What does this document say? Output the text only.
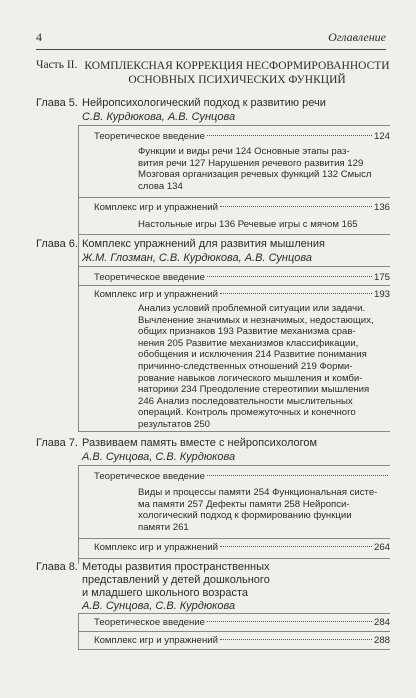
4	Оглавление
Часть II. КОМПЛЕКСНАЯ КОРРЕКЦИЯ НЕСФОРМИРОВАННОСТИ ОСНОВНЫХ ПСИХИЧЕСКИХ ФУНКЦИЙ
Глава 5. Нейропсихологический подход к развитию речи
С.В. Курдюкова, А.В. Сунцова
Теоретическое введение	124
Функции и виды речи 124 Основные этапы раз-
вития речи 127 Нарушения речевого развития 129
Мозговая организация речевых функций 132 Смысл
слова 134
Комплекс игр и упражнений	136
Настольные игры 136 Речевые игры с мячом 165
Глава 6. Комплекс упражнений для развития мышления
Ж.М. Глозман, С.В. Курдюкова, А.В. Сунцова
Теоретическое введение	175
Комплекс игр и упражнений	193
Анализ условий проблемной ситуации или задачи.
Вычленение значимых и незначимых, недостающих,
общих признаков 193 Развитие механизма срав-
нения 205 Развитие механизмов классификации,
обобщения и исключения 214 Развитие понимания
причинно-следственных отношений 219 Форми-
рование навыков логического мышления и комби-
наторики 234 Преодоление стереотипии мышления
246 Анализ последовательности мыслительных
операций. Контроль промежуточных и конечного
результатов 250
Глава 7. Развиваем память вместе с нейропсихологом
А.В. Сунцова, С.В. Курдюкова
Теоретическое введение
Виды и процессы памяти 254 Функциональная систе-
ма памяти 257 Дефекты памяти 258 Нейропси-
хологический подход к формированию функции
памяти 261
Комплекс игр и упражнений	264
Глава 8. Методы развития пространственных
представлений у детей дошкольного
и младшего школьного возраста
А.В. Сунцова, С.В. Курдюкова
Теоретическое введение	284
Комплекс игр и упражнений	288
